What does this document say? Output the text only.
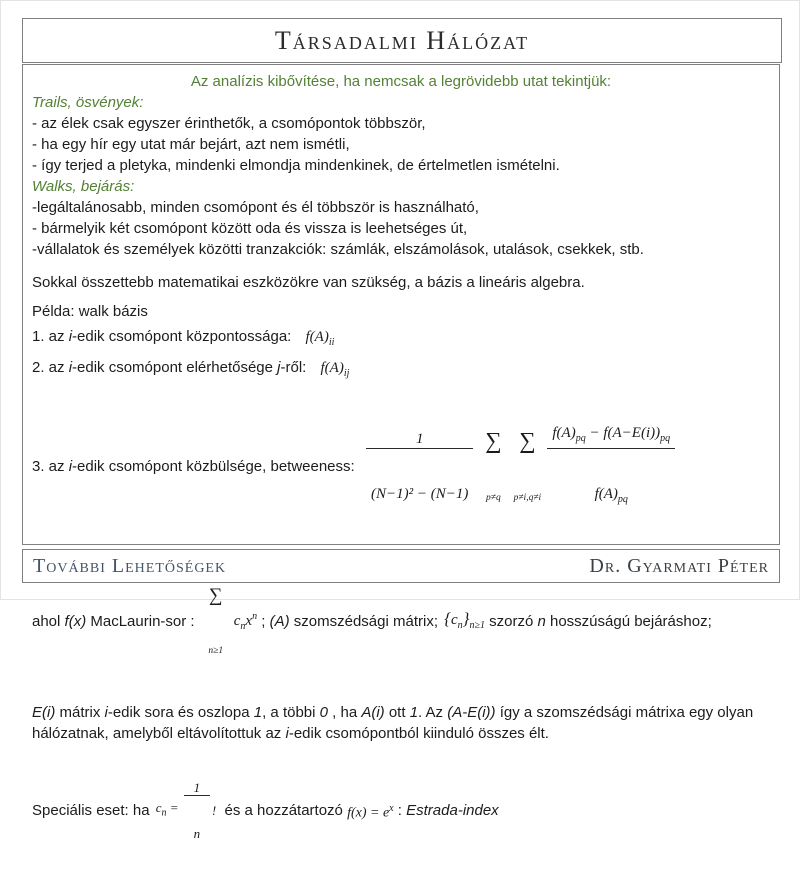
Társadalmi Hálózat
Az analízis kibővítése, ha nemcsak a legrövidebb utat tekintjük:
Trails, ösvények:
- az élek csak egyszer érinthetők, a csomópontok többször,
- ha egy hír egy utat már bejárt, azt nem ismétli,
- így terjed a pletyka, mindenki elmondja mindenkinek, de értelmetlen ismételni.
Walks, bejárás:
-legáltalánosabb, minden csomópont és él többször is használható,
- bármelyik két csomópont között oda és vissza is leehetséges út,
-vállalatok és személyek közötti tranzakciók: számlák, elszámolások, utalások, csekkek, stb.
Sokkal összettebb matematikai eszközökre van szükség, a bázis a lineáris algebra.
Példa: walk bázis
1. az i-edik csomópont központossága: $f(A)_{ii}$
2. az i-edik csomópont elérhetősége j-ről: $f(A)_{ij}$
3. az i -edik csomópont közbülsége, betweeness:

$\frac{1}{\text{(N−1)² − (N−1)}}$

∑

p≠q

∑

p≠i,q≠i

$\frac{f(A)_{pq} - f(A-E(i))_{pq}}{f(A)_{pq}}$

ahol f(x) MacLaurin-sor :

∑

n≥1

$c_nx^n$ ; (A) szomszédsági mátrix; $\{c_n\}_{n\ge 1}$ szorzó n hosszúságú bejáráshoz;
E(i) mátrix i-edik sora és oszlopa 1, a többi 0 , ha A(i) ott 1. Az (A-E(i)) így a szomszédsági mátrixa egy olyan hálózatnak, amelyből eltávolítottuk az i-edik csomópontból kiinduló összes élt.
Speciális eset: ha $c_n$ =

$\frac{1}{n}$

! és a hozzátartozó $f(x) = e^x$ : Estrada-index
További Lehetőségek	Dr. Gyarmati Péter
